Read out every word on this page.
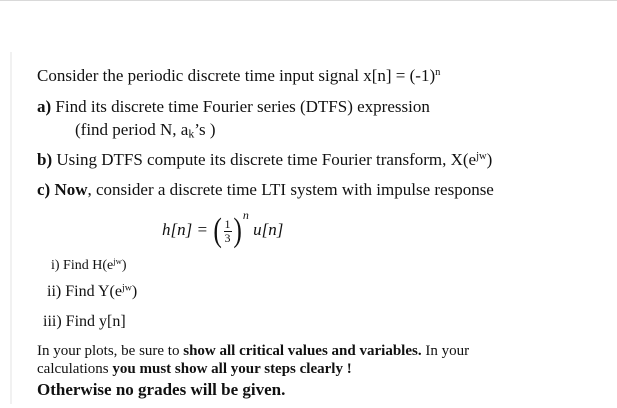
Consider the periodic discrete time input signal $x[n] = (-1)^n$
a) Find its discrete time Fourier series (DTFS) expression
(find period N, $a_k’s$ )
b) Using DTFS compute its discrete time Fourier transform, $X(e^{jw})$
c) Now, consider a discrete time LTI system with impulse response
h[n] = ( $\frac{1}{3} )^n$ u[n]
i) Find $H(e^{jw})$
ii) Find $Y(e^{jw})$
iii) Find y[n]
In your plots, be sure to show all critical values and variables. In your
calculations you must show all your steps clearly !
Otherwise no grades will be given.
